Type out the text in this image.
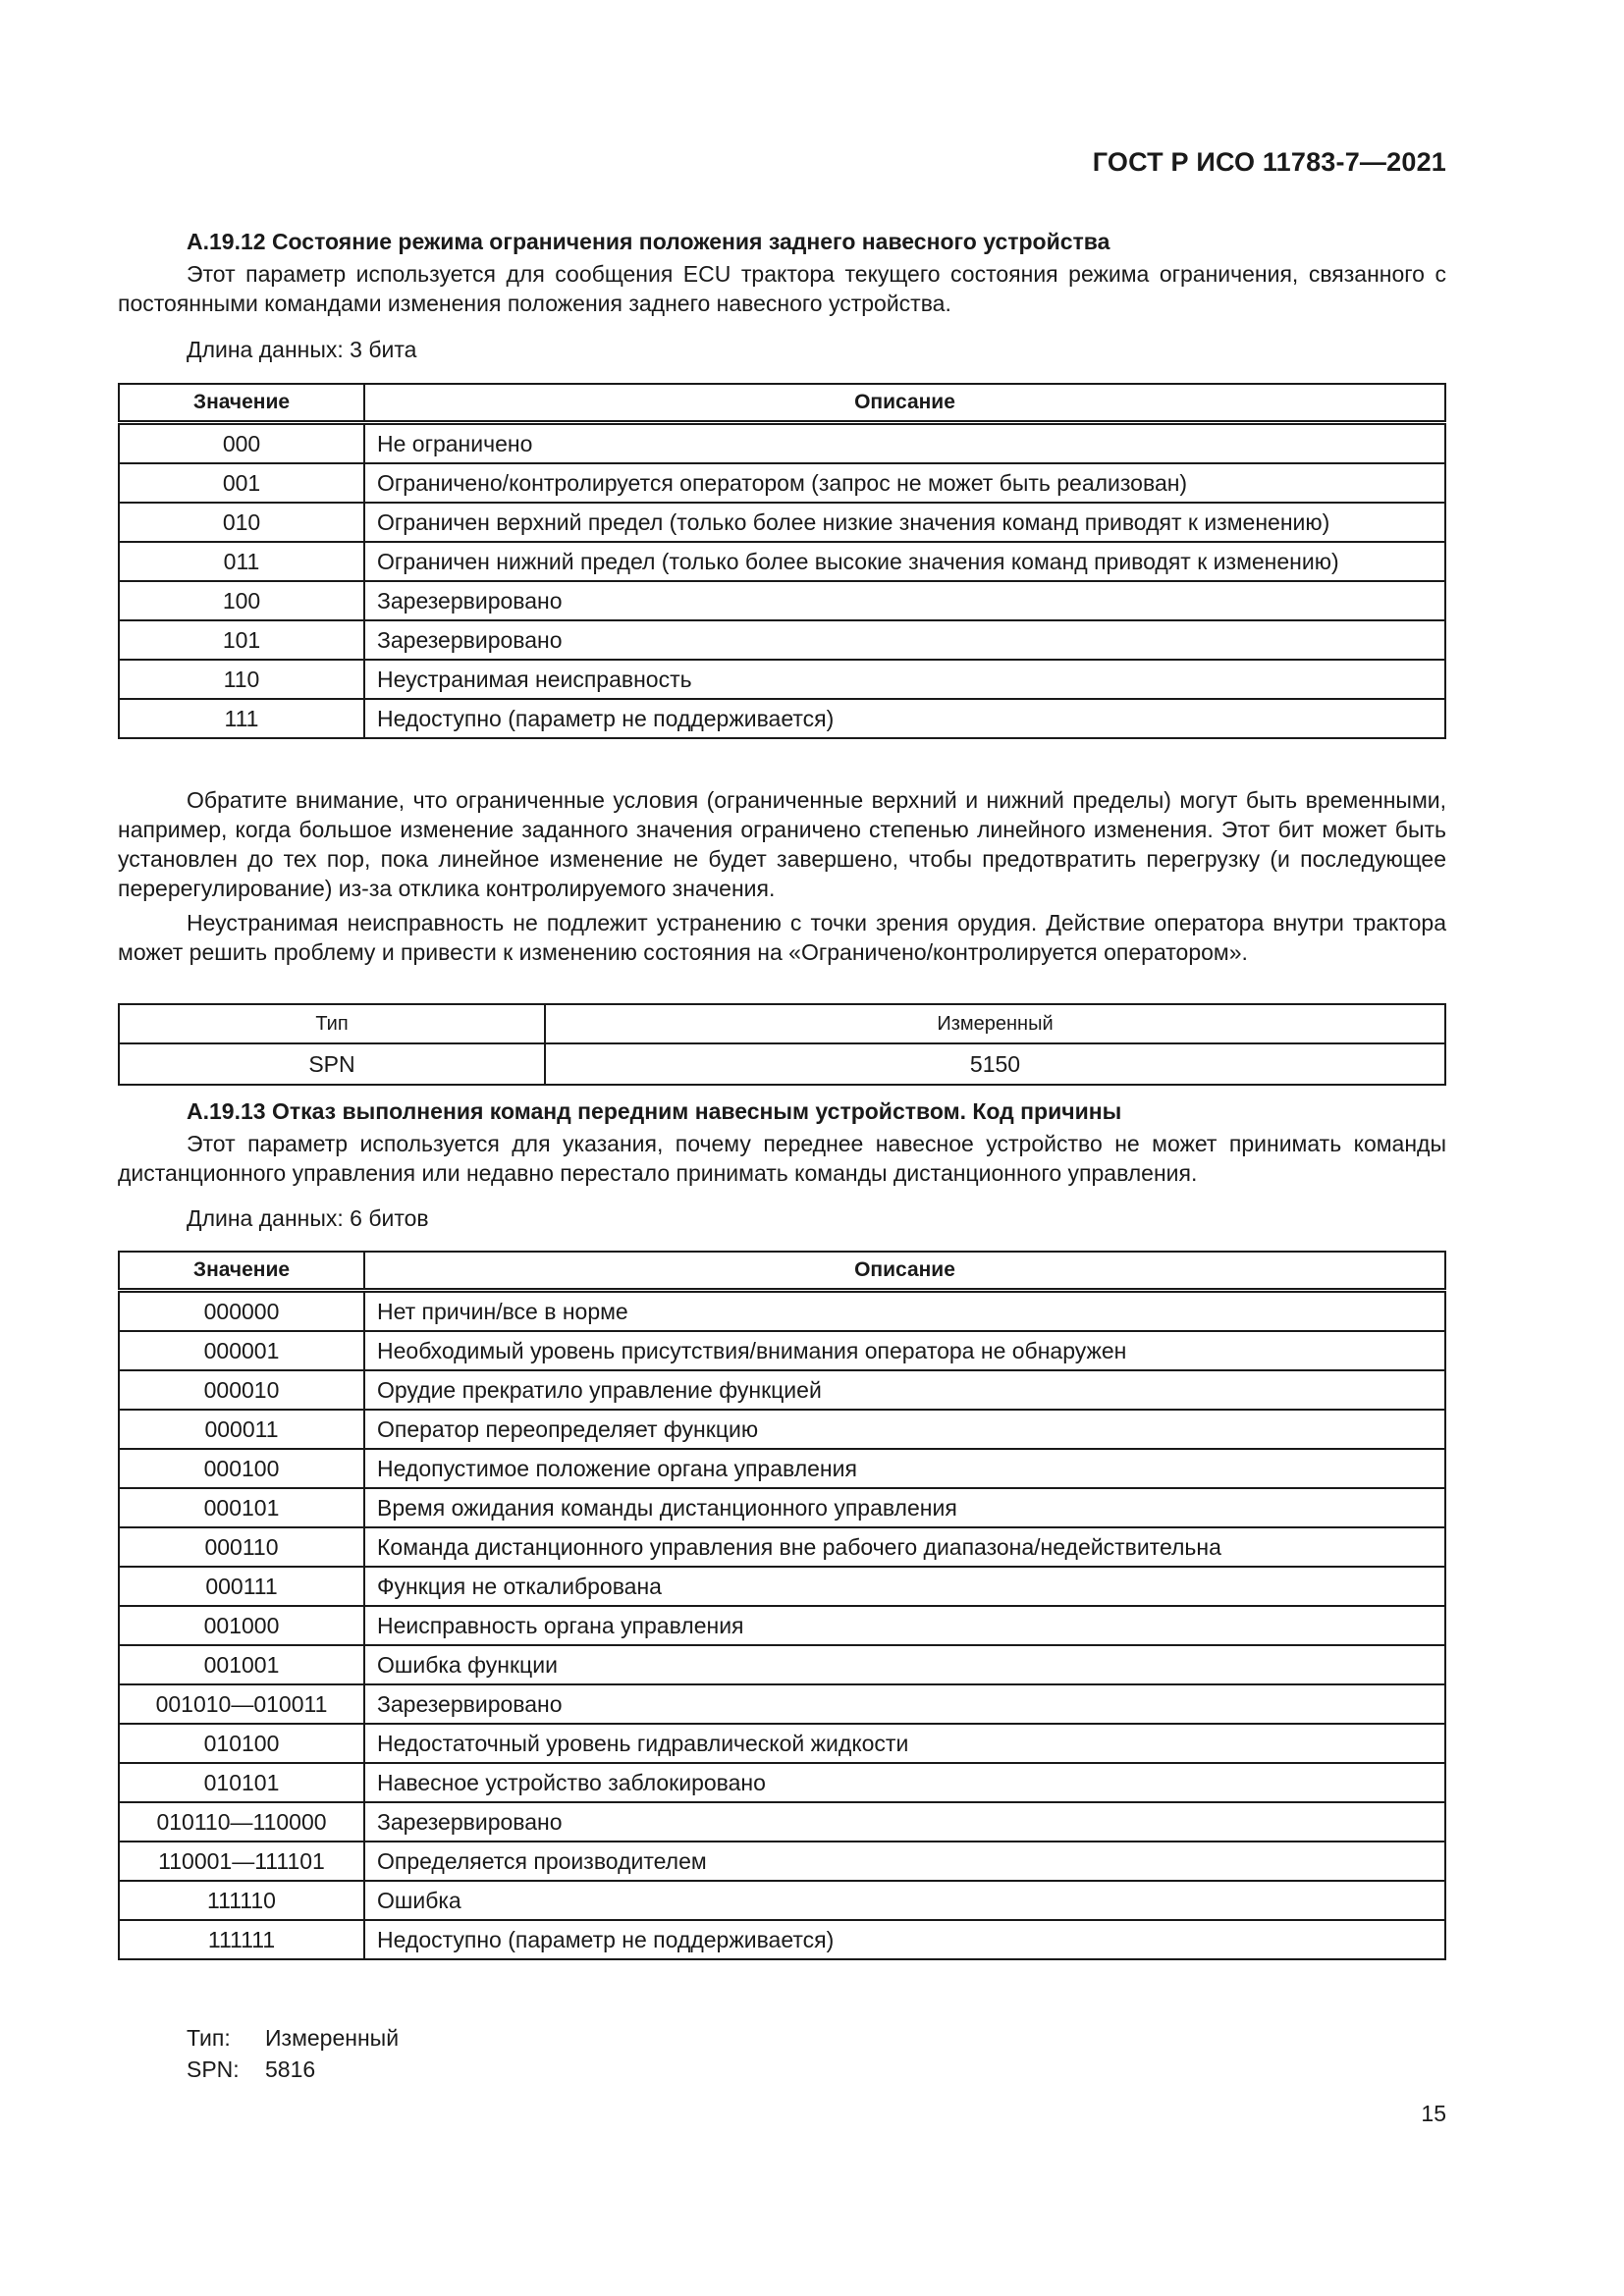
ГОСТ Р ИСО 11783-7—2021
А.19.12 Состояние режима ограничения положения заднего навесного устройства

Этот параметр используется для сообщения ECU трактора текущего состояния режима ограничения, связанного с постоянными командами изменения положения заднего навесного устройства.

Длина данных: 3 бита
Значение	Описание
000	Не ограничено
001	Ограничено/контролируется оператором (запрос не может быть реализован)
010	Ограничен верхний предел (только более низкие значения команд приводят к изменению)
011	Ограничен нижний предел (только более высокие значения команд приводят к изменению)
100	Зарезервировано
101	Зарезервировано
110	Неустранимая неисправность
111	Недоступно (параметр не поддерживается)

Обратите внимание, что ограниченные условия (ограниченные верхний и нижний пределы) могут быть временными, например, когда большое изменение заданного значения ограничено степенью линейного изменения. Этот бит может быть установлен до тех пор, пока линейное изменение не будет завершено, чтобы предотвратить перегрузку (и последующее перерегулирование) из-за отклика контролируемого значения.

Неустранимая неисправность не подлежит устранению с точки зрения орудия. Действие оператора внутри трактора может решить проблему и привести к изменению состояния на «Ограничено/контролируется оператором».

Тип	Измеренный
SPN	5150
А.19.13 Отказ выполнения команд передним навесным устройством. Код причины

Этот параметр используется для указания, почему переднее навесное устройство не может принимать команды дистанционного управления или недавно перестало принимать команды дистанционного управления.

Длина данных: 6 битов
Значение	Описание
000000	Нет причин/все в норме
000001	Необходимый уровень присутствия/внимания оператора не обнаружен
000010	Орудие прекратило управление функцией
000011	Оператор переопределяет функцию
000100	Недопустимое положение органа управления
000101	Время ожидания команды дистанционного управления
000110	Команда дистанционного управления вне рабочего диапазона/недействительна
000111	Функция не откалибрована
001000	Неисправность органа управления
001001	Ошибка функции
001010—010011	Зарезервировано
010100	Недостаточный уровень гидравлической жидкости
010101	Навесное устройство заблокировано
010110—110000	Зарезервировано
110001—111101	Определяется производителем
111110	Ошибка
111111	Недоступно (параметр не поддерживается)
Тип: Измеренный
SPN: 5816
15
